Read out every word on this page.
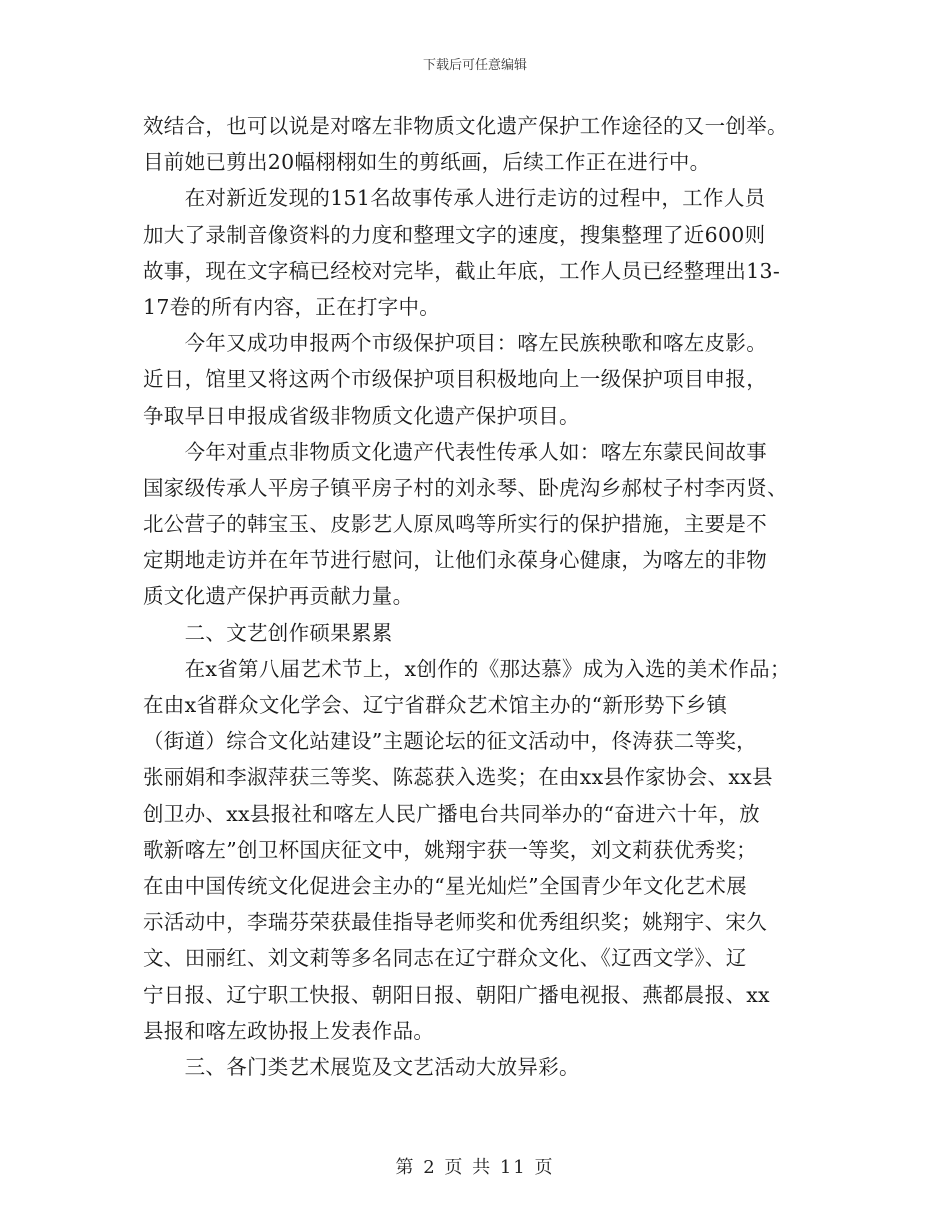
下载后可任意编辑
效结合，也可以说是对喀左非物质文化遗产保护工作途径的又一创举。
目前她已剪出20幅栩栩如生的剪纸画，后续工作正在进行中。
　　在对新近发现的151名故事传承人进行走访的过程中，工作人员
加大了录制音像资料的力度和整理文字的速度，搜集整理了近600则
故事，现在文字稿已经校对完毕，截止年底，工作人员已经整理出13-
17卷的所有内容，正在打字中。
　　今年又成功申报两个市级保护项目：喀左民族秧歌和喀左皮影。
近日，馆里又将这两个市级保护项目积极地向上一级保护项目申报，
争取早日申报成省级非物质文化遗产保护项目。
　　今年对重点非物质文化遗产代表性传承人如：喀左东蒙民间故事
国家级传承人平房子镇平房子村的刘永琴、卧虎沟乡郝杖子村李丙贤、
北公营子的韩宝玉、皮影艺人原凤鸣等所实行的保护措施，主要是不
定期地走访并在年节进行慰问，让他们永葆身心健康，为喀左的非物
质文化遗产保护再贡献力量。
　　二、文艺创作硕果累累
　　在x省第八届艺术节上，x创作的《那达慕》成为入选的美术作品；
在由x省群众文化学会、辽宁省群众艺术馆主办的“新形势下乡镇
（街道）综合文化站建设”主题论坛的征文活动中，佟涛获二等奖，
张丽娟和李淑萍获三等奖、陈蕊获入选奖；在由xx县作家协会、xx县
创卫办、xx县报社和喀左人民广播电台共同举办的“奋进六十年，放
歌新喀左”创卫杯国庆征文中，姚翔宇获一等奖，刘文莉获优秀奖；
在由中国传统文化促进会主办的“星光灿烂”全国青少年文化艺术展
示活动中，李瑞芬荣获最佳指导老师奖和优秀组织奖；姚翔宇、宋久
文、田丽红、刘文莉等多名同志在辽宁群众文化、《辽西文学》、辽
宁日报、辽宁职工快报、朝阳日报、朝阳广播电视报、燕都晨报、xx
县报和喀左政协报上发表作品。
　　三、各门类艺术展览及文艺活动大放异彩。
第 2 页 共 11 页
